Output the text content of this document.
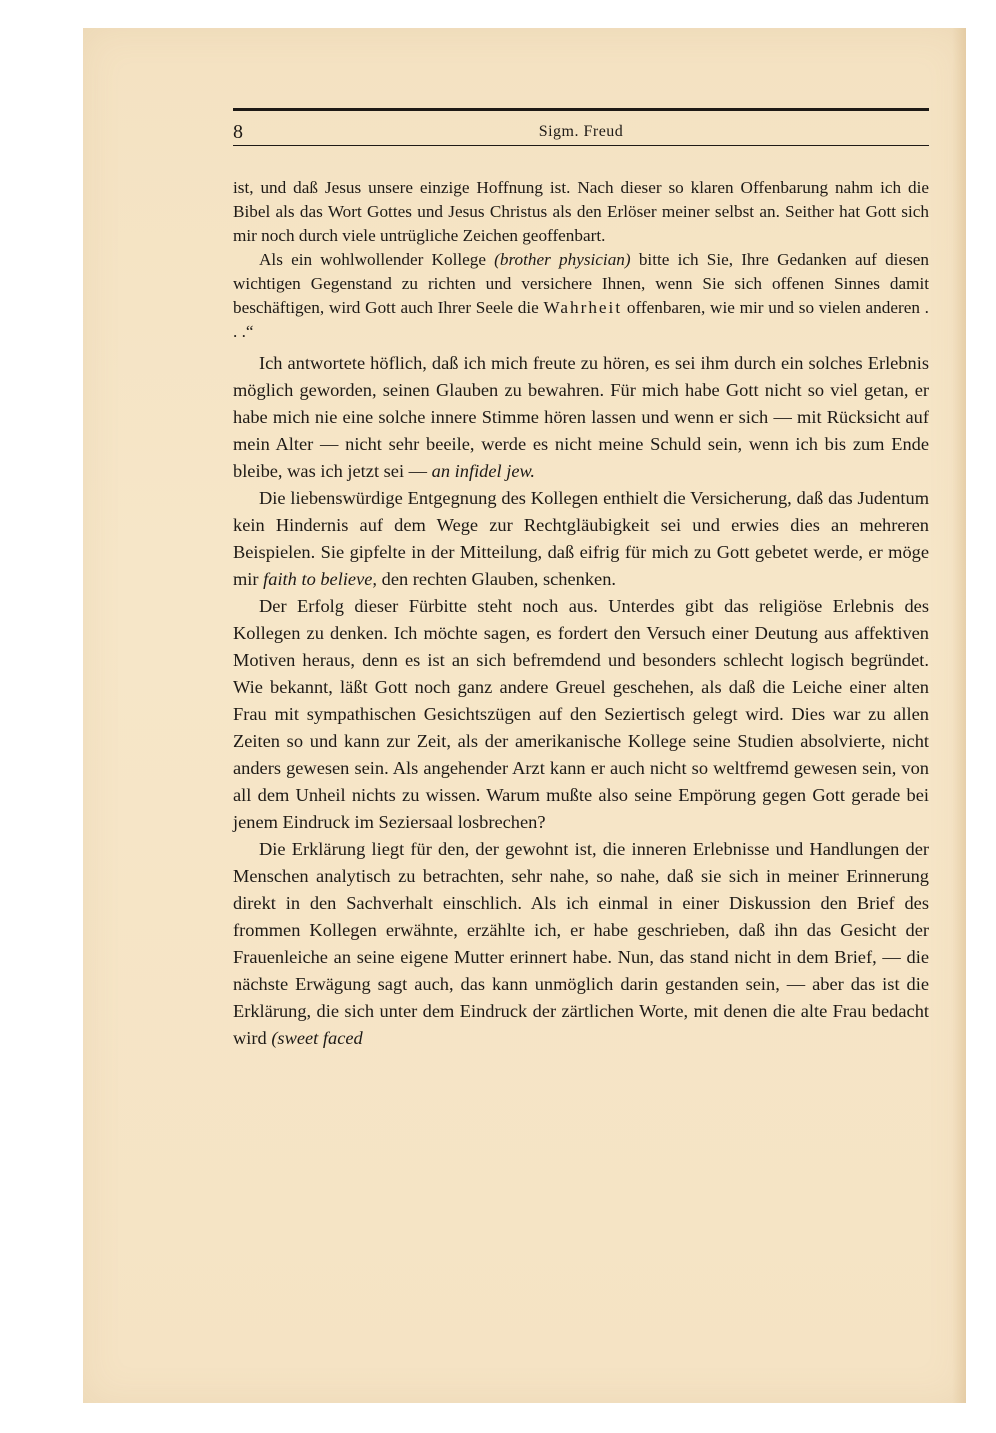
8	Sigm. Freud

ist, und daß Jesus unsere einzige Hoffnung ist. Nach dieser so klaren Offenbarung nahm ich die Bibel als das Wort Gottes und Jesus Christus als den Erlöser meiner selbst an. Seither hat Gott sich mir noch durch viele untrügliche Zeichen geoffenbart.

Als ein wohlwollender Kollege (brother physician) bitte ich Sie, Ihre Gedanken auf diesen wichtigen Gegenstand zu richten und versichere Ihnen, wenn Sie sich offenen Sinnes damit beschäftigen, wird Gott auch Ihrer Seele die Wahrheit offenbaren, wie mir und so vielen anderen . . .“

Ich antwortete höflich, daß ich mich freute zu hören, es sei ihm durch ein solches Erlebnis möglich geworden, seinen Glauben zu bewahren. Für mich habe Gott nicht so viel getan, er habe mich nie eine solche innere Stimme hören lassen und wenn er sich — mit Rücksicht auf mein Alter — nicht sehr beeile, werde es nicht meine Schuld sein, wenn ich bis zum Ende bleibe, was ich jetzt sei — an infidel jew.

Die liebenswürdige Entgegnung des Kollegen enthielt die Versicherung, daß das Judentum kein Hindernis auf dem Wege zur Rechtgläubigkeit sei und erwies dies an mehreren Beispielen. Sie gipfelte in der Mitteilung, daß eifrig für mich zu Gott gebetet werde, er möge mir faith to believe, den rechten Glauben, schenken.

Der Erfolg dieser Fürbitte steht noch aus. Unterdes gibt das religiöse Erlebnis des Kollegen zu denken. Ich möchte sagen, es fordert den Versuch einer Deutung aus affektiven Motiven heraus, denn es ist an sich befremdend und besonders schlecht logisch begründet. Wie bekannt, läßt Gott noch ganz andere Greuel geschehen, als daß die Leiche einer alten Frau mit sympathischen Gesichtszügen auf den Seziertisch gelegt wird. Dies war zu allen Zeiten so und kann zur Zeit, als der amerikanische Kollege seine Studien absolvierte, nicht anders gewesen sein. Als angehender Arzt kann er auch nicht so weltfremd gewesen sein, von all dem Unheil nichts zu wissen. Warum mußte also seine Empörung gegen Gott gerade bei jenem Eindruck im Seziersaal losbrechen?

Die Erklärung liegt für den, der gewohnt ist, die inneren Erlebnisse und Handlungen der Menschen analytisch zu betrachten, sehr nahe, so nahe, daß sie sich in meiner Erinnerung direkt in den Sachverhalt einschlich. Als ich einmal in einer Diskussion den Brief des frommen Kollegen erwähnte, erzählte ich, er habe geschrieben, daß ihn das Gesicht der Frauenleiche an seine eigene Mutter erinnert habe. Nun, das stand nicht in dem Brief, — die nächste Erwägung sagt auch, das kann unmöglich darin gestanden sein, — aber das ist die Erklärung, die sich unter dem Eindruck der zärtlichen Worte, mit denen die alte Frau bedacht wird (sweet faced
